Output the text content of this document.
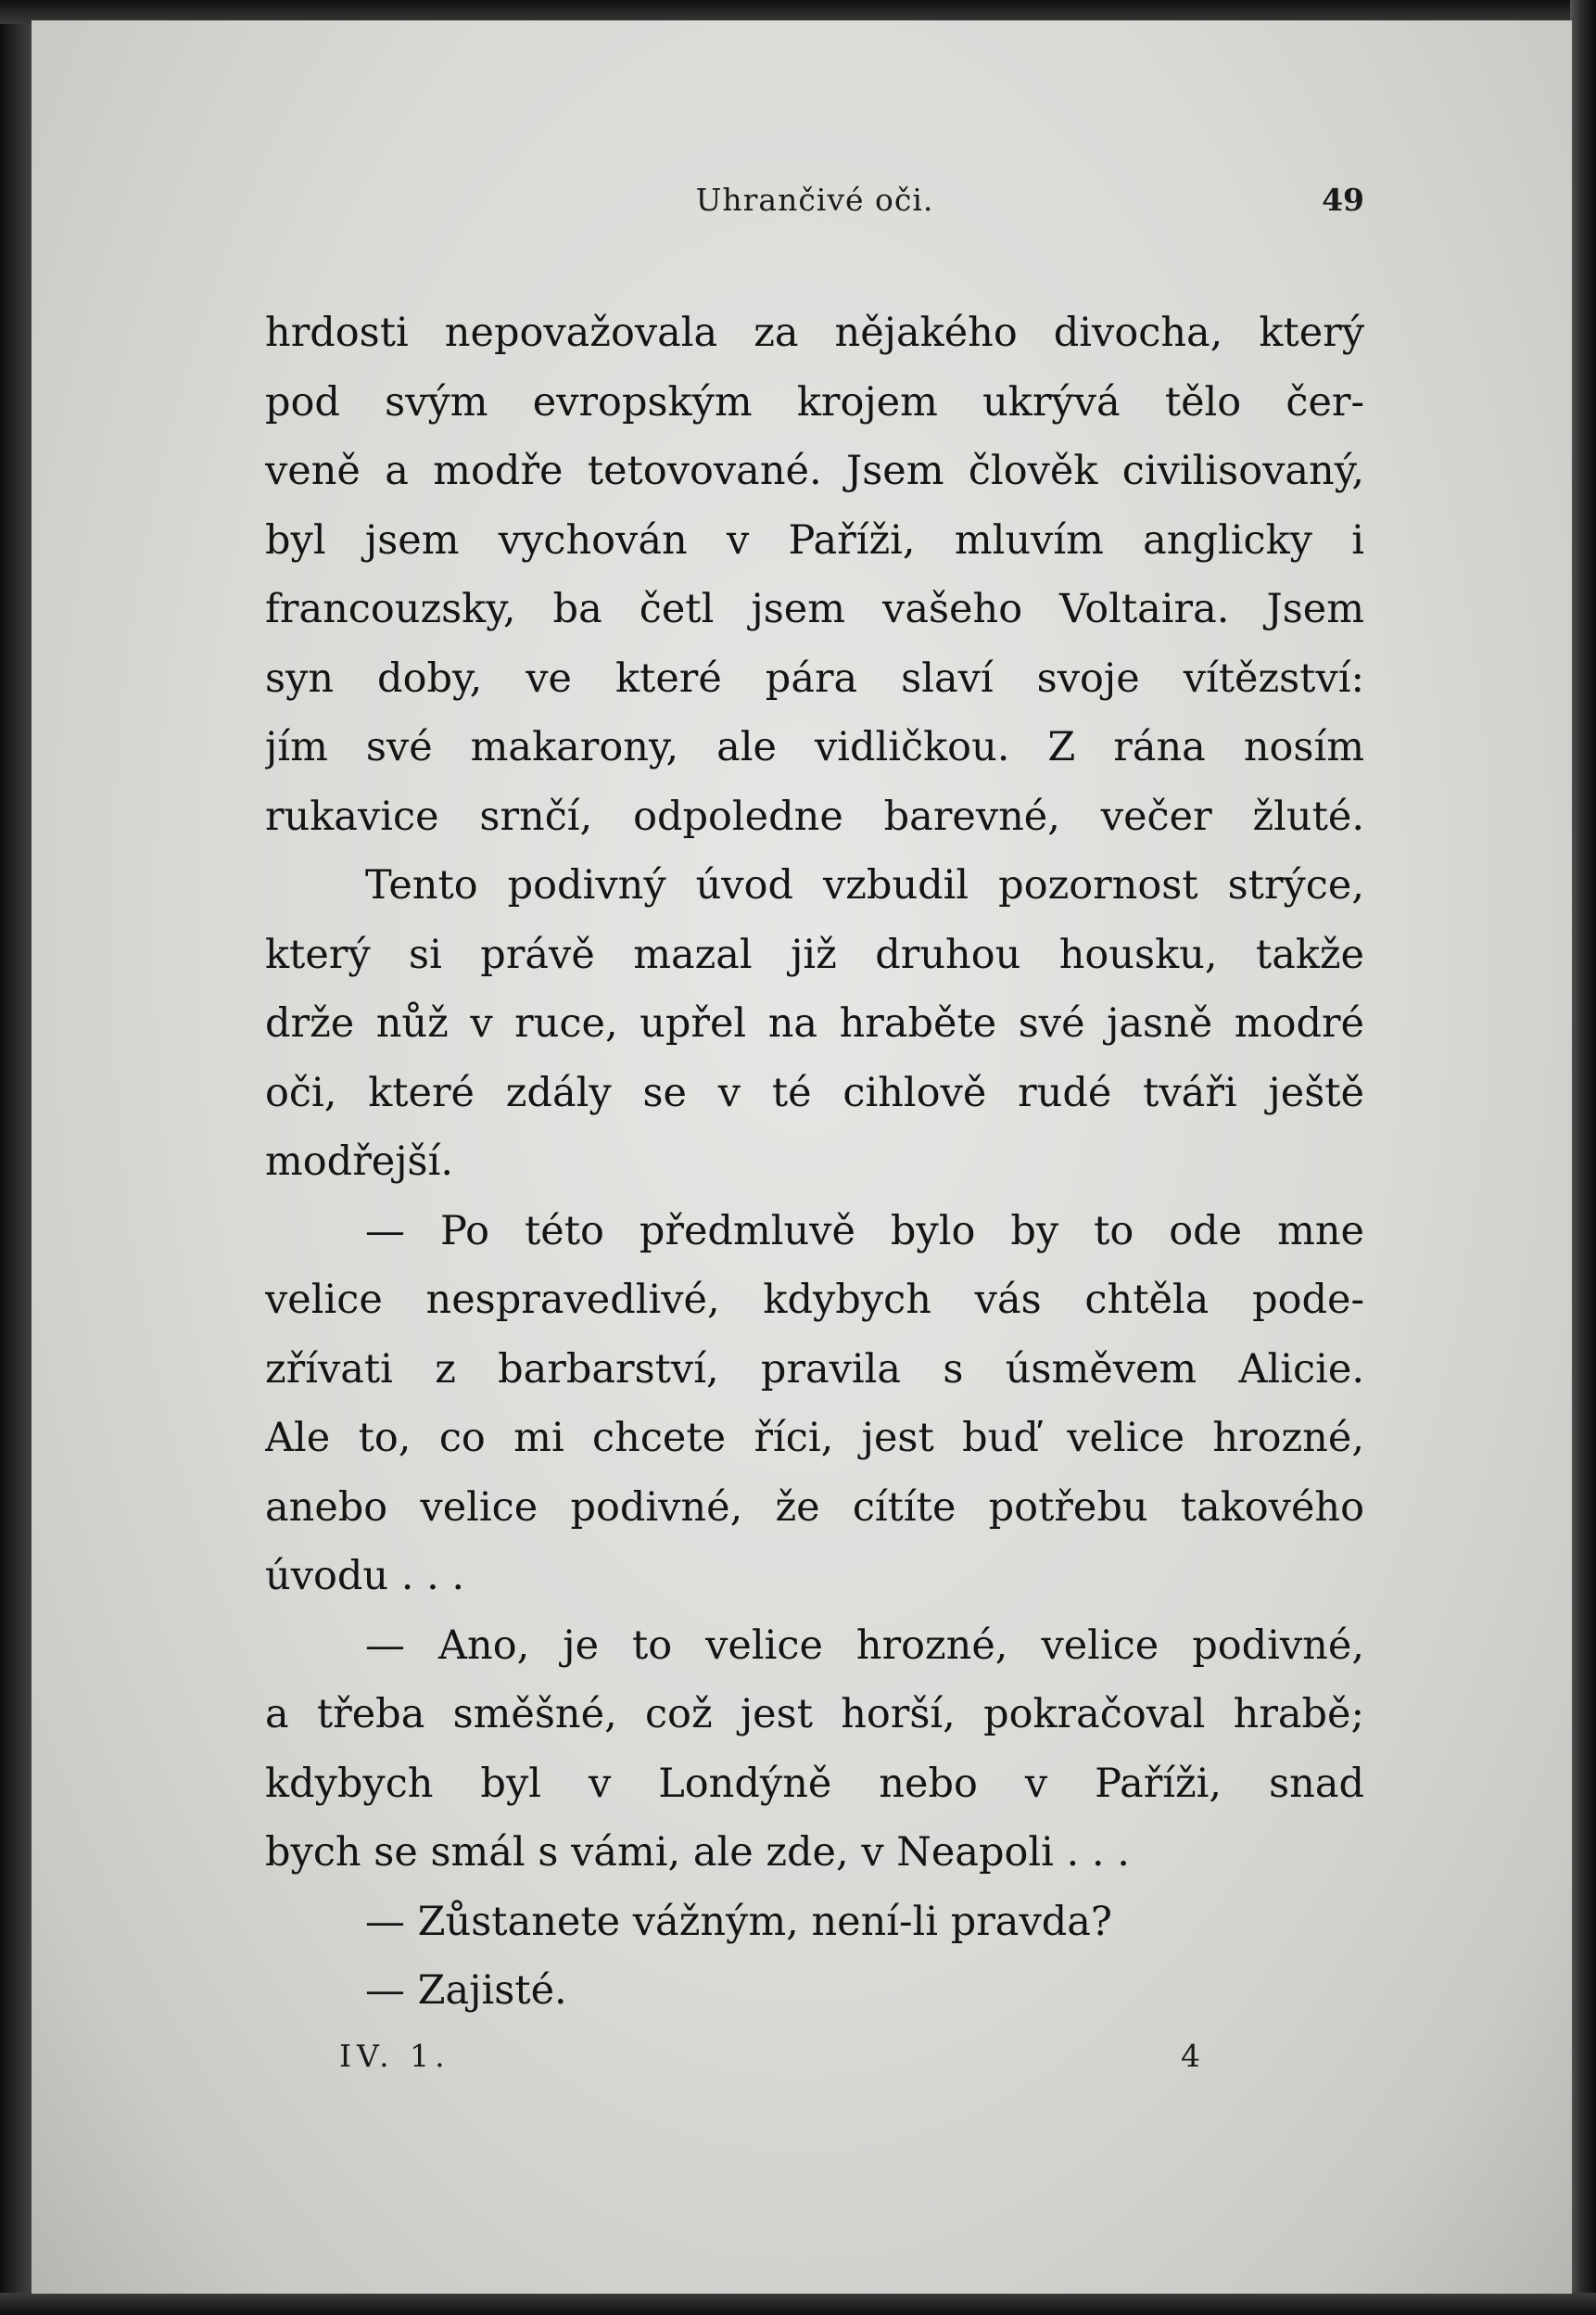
Uhrančivé oči.	49
hrdosti nepovažovala za nějakého divocha, který
pod svým evropským krojem ukrývá tělo čer-
veně a modře tetovované. Jsem člověk civilisovaný,
byl jsem vychován v Paříži, mluvím anglicky i
francouzsky, ba četl jsem vašeho Voltaira. Jsem
syn doby, ve které pára slaví svoje vítězství:
jím své makarony, ale vidličkou. Z rána nosím
rukavice srnčí, odpoledne barevné, večer žluté.
Tento podivný úvod vzbudil pozornost strýce,
který si právě mazal již druhou housku, takže
drže nůž v ruce, upřel na hraběte své jasně modré
oči, které zdály se v té cihlově rudé tváři ještě
modřejší.
— Po této předmluvě bylo by to ode mne
velice nespravedlivé, kdybych vás chtěla pode-
zřívati z barbarství, pravila s úsměvem Alicie.
Ale to, co mi chcete říci, jest buď velice hrozné,
anebo velice podivné, že cítíte potřebu takového
úvodu . . .
— Ano, je to velice hrozné, velice podivné,
a třeba směšné, což jest horší, pokračoval hrabě;
kdybych byl v Londýně nebo v Paříži, snad
bych se smál s vámi, ale zde, v Neapoli . . .
— Zůstanete vážným, není-li pravda?
— Zajisté.
IV. 1.	4
